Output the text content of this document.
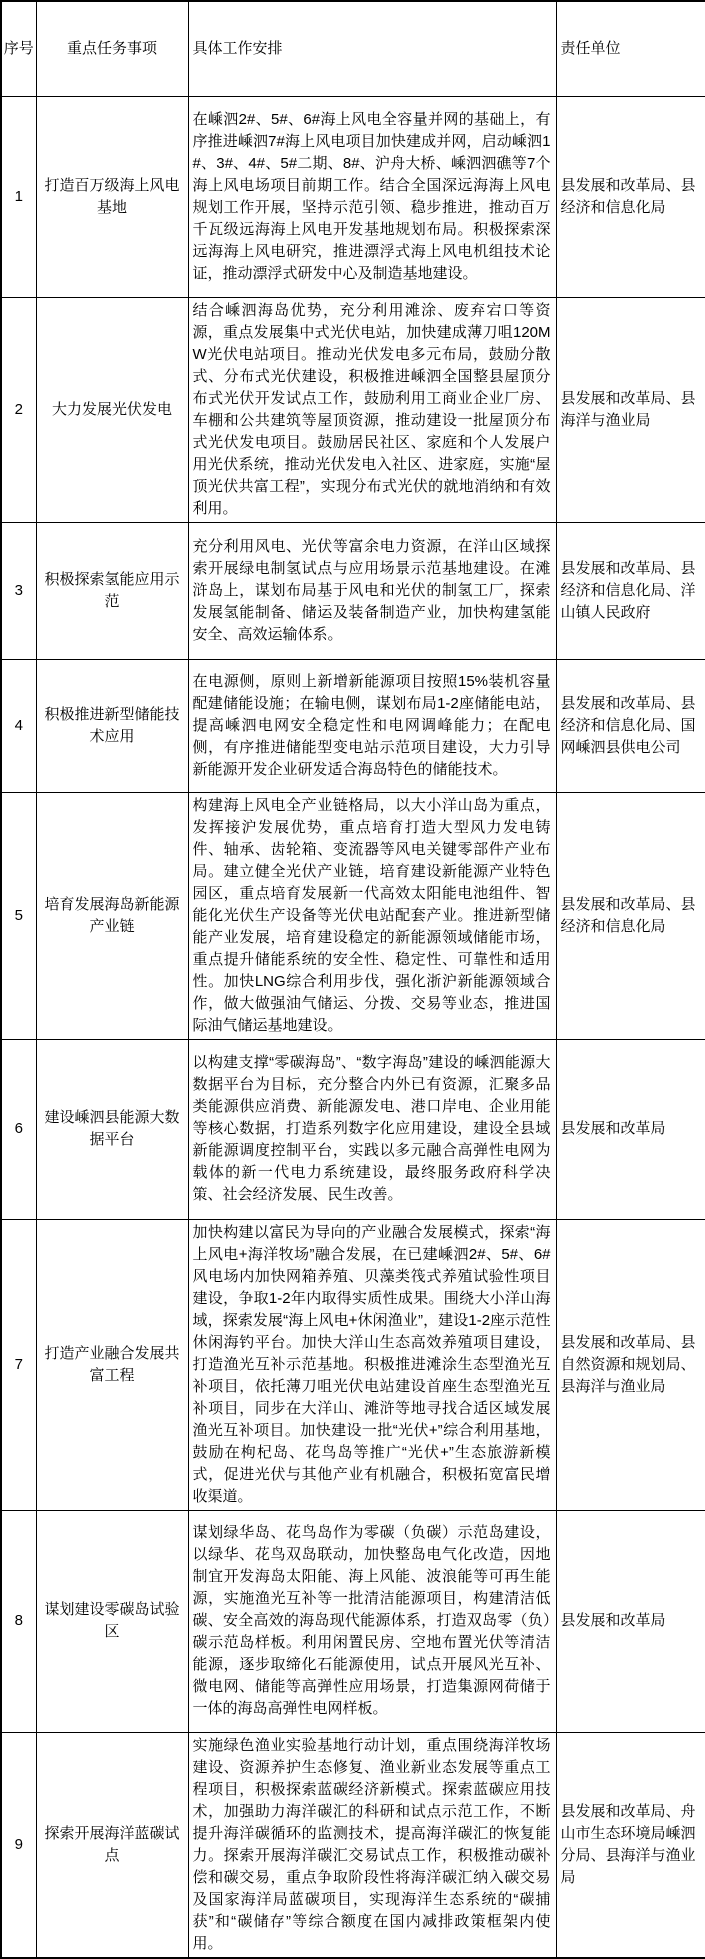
序号	重点任务事项	具体工作安排	责任单位
1	打造百万级海上风电基地	在嵊泗2#、5#、6#海上风电全容量并网的基础上，有序推进嵊泗7#海上风电项目加快建成并网，启动嵊泗1#、3#、4#、5#二期、8#、沪舟大桥、嵊泗泗礁等7个海上风电场项目前期工作。结合全国深远海海上风电规划工作开展，坚持示范引领、稳步推进，推动百万千瓦级远海海上风电开发基地规划布局。积极探索深远海海上风电研究，推进漂浮式海上风电机组技术论证，推动漂浮式研发中心及制造基地建设。	县发展和改革局、县经济和信息化局
2	大力发展光伏发电	结合嵊泗海岛优势，充分利用滩涂、废弃宕口等资源，重点发展集中式光伏电站，加快建成薄刀咀120MW光伏电站项目。推动光伏发电多元布局，鼓励分散式、分布式光伏建设，积极推进嵊泗全国整县屋顶分布式光伏开发试点工作，鼓励利用工商业企业厂房、车棚和公共建筑等屋顶资源，推动建设一批屋顶分布式光伏发电项目。鼓励居民社区、家庭和个人发展户用光伏系统，推动光伏发电入社区、进家庭，实施“屋顶光伏共富工程”，实现分布式光伏的就地消纳和有效利用。	县发展和改革局、县海洋与渔业局
3	积极探索氢能应用示范	充分利用风电、光伏等富余电力资源，在洋山区域探索开展绿电制氢试点与应用场景示范基地建设。在滩浒岛上，谋划布局基于风电和光伏的制氢工厂，探索发展氢能制备、储运及装备制造产业，加快构建氢能安全、高效运输体系。	县发展和改革局、县经济和信息化局、洋山镇人民政府
4	积极推进新型储能技术应用	在电源侧，原则上新增新能源项目按照15%装机容量配建储能设施；在输电侧，谋划布局1-2座储能电站，提高嵊泗电网安全稳定性和电网调峰能力；在配电侧，有序推进储能型变电站示范项目建设，大力引导新能源开发企业研发适合海岛特色的储能技术。	县发展和改革局、县经济和信息化局、国网嵊泗县供电公司
5	培育发展海岛新能源产业链	构建海上风电全产业链格局，以大小洋山岛为重点，发挥接沪发展优势，重点培育打造大型风力发电铸件、轴承、齿轮箱、变流器等风电关键零部件产业布局。建立健全光伏产业链，培育建设新能源产业特色园区，重点培育发展新一代高效太阳能电池组件、智能化光伏生产设备等光伏电站配套产业。推进新型储能产业发展，培育建设稳定的新能源领域储能市场，重点提升储能系统的安全性、稳定性、可靠性和适用性。加快LNG综合利用步伐，强化浙沪新能源领域合作，做大做强油气储运、分拨、交易等业态，推进国际油气储运基地建设。	县发展和改革局、县经济和信息化局
6	建设嵊泗县能源大数据平台	以构建支撑“零碳海岛”、“数字海岛”建设的嵊泗能源大数据平台为目标，充分整合内外已有资源，汇聚多品类能源供应消费、新能源发电、港口岸电、企业用能等核心数据，打造系列数字化应用建设，建设全县域新能源调度控制平台，实践以多元融合高弹性电网为载体的新一代电力系统建设，最终服务政府科学决策、社会经济发展、民生改善。	县发展和改革局
7	打造产业融合发展共富工程	加快构建以富民为导向的产业融合发展模式，探索“海上风电+海洋牧场”融合发展，在已建嵊泗2#、5#、6#风电场内加快网箱养殖、贝藻类筏式养殖试验性项目建设，争取1-2年内取得实质性成果。围绕大小洋山海域，探索发展“海上风电+休闲渔业”，建设1-2座示范性休闲海钓平台。加快大洋山生态高效养殖项目建设，打造渔光互补示范基地。积极推进滩涂生态型渔光互补项目，依托薄刀咀光伏电站建设首座生态型渔光互补项目，同步在大洋山、滩浒等地寻找合适区域发展渔光互补项目。加快建设一批“光伏+”综合利用基地，鼓励在枸杞岛、花鸟岛等推广“光伏+”生态旅游新模式，促进光伏与其他产业有机融合，积极拓宽富民增收渠道。	县发展和改革局、县自然资源和规划局、县海洋与渔业局
8	谋划建设零碳岛试验区	谋划绿华岛、花鸟岛作为零碳（负碳）示范岛建设，以绿华、花鸟双岛联动，加快整岛电气化改造，因地制宜开发海岛太阳能、海上风能、波浪能等可再生能源，实施渔光互补等一批清洁能源项目，构建清洁低碳、安全高效的海岛现代能源体系，打造双岛零（负）碳示范岛样板。利用闲置民房、空地布置光伏等清洁能源，逐步取缔化石能源使用，试点开展风光互补、微电网、储能等高弹性应用场景，打造集源网荷储于一体的海岛高弹性电网样板。	县发展和改革局
9	探索开展海洋蓝碳试点	实施绿色渔业实验基地行动计划，重点围绕海洋牧场建设、资源养护生态修复、渔业新业态发展等重点工程项目，积极探索蓝碳经济新模式。探索蓝碳应用技术，加强助力海洋碳汇的科研和试点示范工作，不断提升海洋碳循环的监测技术，提高海洋碳汇的恢复能力。探索开展海洋碳汇交易试点工作，积极推动碳补偿和碳交易，重点争取阶段性将海洋碳汇纳入碳交易及国家海洋局蓝碳项目，实现海洋生态系统的“碳捕获”和“碳储存”等综合额度在国内减排政策框架内使用。	县发展和改革局、舟山市生态环境局嵊泗分局、县海洋与渔业局
